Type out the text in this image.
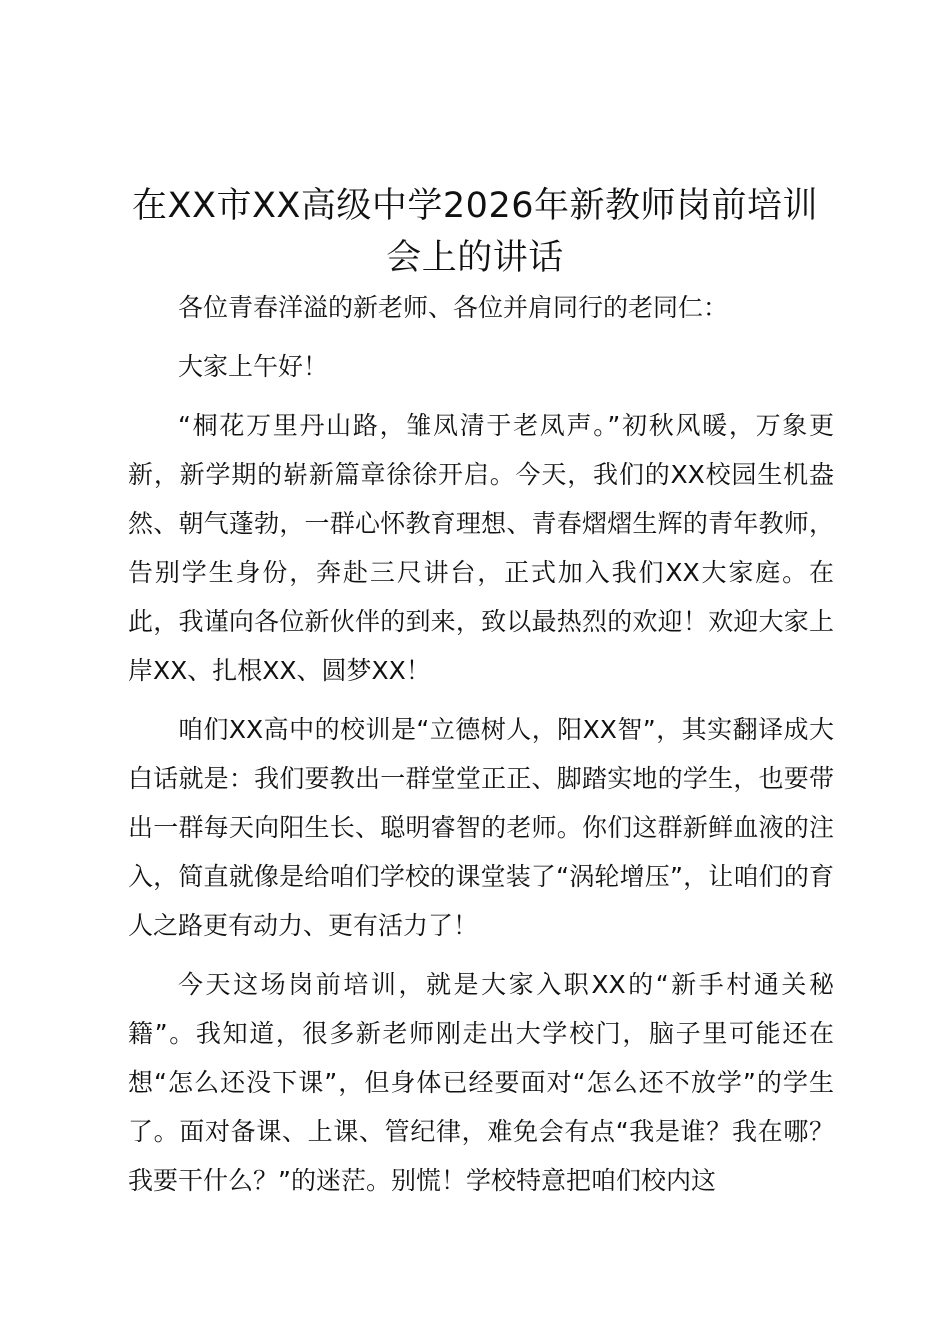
在XX市XX高级中学2026年新教师岗前培训会上的讲话

各位青春洋溢的新老师、各位并肩同行的老同仁：

大家上午好！

“桐花万里丹山路，雏凤清于老凤声。”初秋风暖，万象更新，新学期的崭新篇章徐徐开启。今天，我们的XX校园生机盎然、朝气蓬勃，一群心怀教育理想、青春熠熠生辉的青年教师，告别学生身份，奔赴三尺讲台，正式加入我们XX大家庭。在此，我谨向各位新伙伴的到来，致以最热烈的欢迎！欢迎大家上岸XX、扎根XX、圆梦XX！

咱们XX高中的校训是“立德树人，阳XX智”，其实翻译成大白话就是：我们要教出一群堂堂正正、脚踏实地的学生，也要带出一群每天向阳生长、聪明睿智的老师。你们这群新鲜血液的注入，简直就像是给咱们学校的课堂装了“涡轮增压”，让咱们的育人之路更有动力、更有活力了！

今天这场岗前培训，就是大家入职XX的“新手村通关秘籍”。我知道，很多新老师刚走出大学校门，脑子里可能还在想“怎么还没下课”，但身体已经要面对“怎么还不放学”的学生了。面对备课、上课、管纪律，难免会有点“我是谁？我在哪？我要干什么？”的迷茫。别慌！学校特意把咱们校内这
